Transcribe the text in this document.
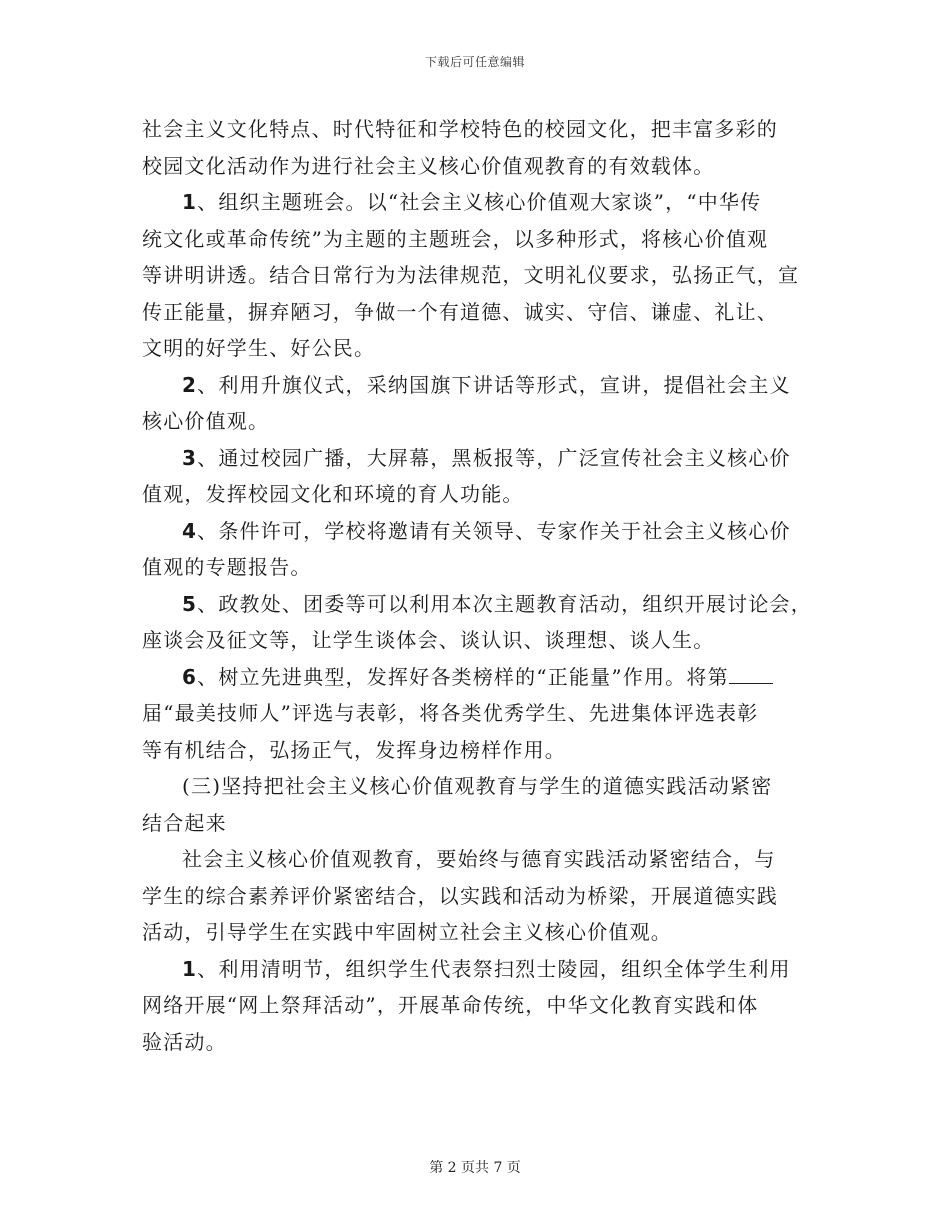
下载后可任意编辑
社会主义文化特点、时代特征和学校特色的校园文化，把丰富多彩的
校园文化活动作为进行社会主义核心价值观教育的有效载体。
1、组织主题班会。以“社会主义核心价值观大家谈”，“中华传
统文化或革命传统”为主题的主题班会，以多种形式，将核心价值观
等讲明讲透。结合日常行为为法律规范，文明礼仪要求，弘扬正气，宣
传正能量，摒弃陋习，争做一个有道德、诚实、守信、谦虚、礼让、
文明的好学生、好公民。
2、利用升旗仪式，采纳国旗下讲话等形式，宣讲，提倡社会主义
核心价值观。
3、通过校园广播，大屏幕，黑板报等，广泛宣传社会主义核心价
值观，发挥校园文化和环境的育人功能。
4、条件许可，学校将邀请有关领导、专家作关于社会主义核心价
值观的专题报告。
5、政教处、团委等可以利用本次主题教育活动，组织开展讨论会，
座谈会及征文等，让学生谈体会、谈认识、谈理想、谈人生。
6、树立先进典型，发挥好各类榜样的“正能量”作用。将第
届“最美技师人”评选与表彰，将各类优秀学生、先进集体评选表彰
等有机结合，弘扬正气，发挥身边榜样作用。
(三)坚持把社会主义核心价值观教育与学生的道德实践活动紧密
结合起来
社会主义核心价值观教育，要始终与德育实践活动紧密结合，与
学生的综合素养评价紧密结合，以实践和活动为桥梁，开展道德实践
活动，引导学生在实践中牢固树立社会主义核心价值观。
1、利用清明节，组织学生代表祭扫烈士陵园，组织全体学生利用
网络开展“网上祭拜活动”，开展革命传统，中华文化教育实践和体
验活动。
第 2 页共 7 页
